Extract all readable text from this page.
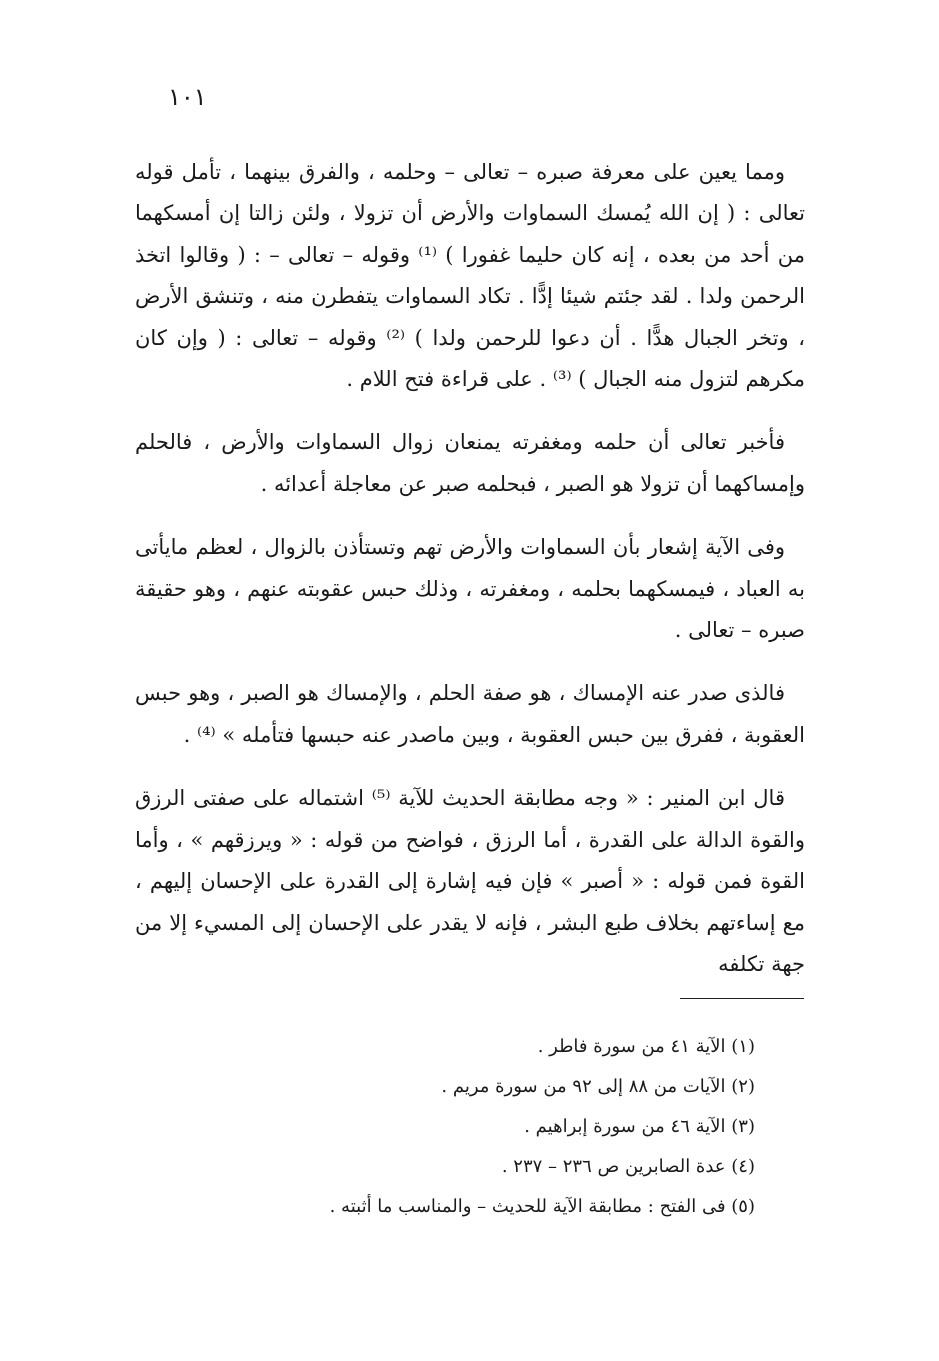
١٠١

ومما يعين على معرفة صبره – تعالى – وحلمه ، والفرق بينهما ، تأمل قوله تعالى : ( إن الله يُمسك السماوات والأرض أن تزولا ، ولئن زالتا إن أمسكهما من أحد من بعده ، إنه كان حليما غفورا ) ⁽¹⁾ وقوله – تعالى – : ( وقالوا اتخذ الرحمن ولدا . لقد جئتم شيئا إدًّا . تكاد السماوات يتفطرن منه ، وتنشق الأرض ، وتخر الجبال هدًّا . أن دعوا للرحمن ولدا ) ⁽²⁾ وقوله – تعالى : ( وإن كان مكرهم لتزول منه الجبال ) ⁽³⁾ . على قراءة فتح اللام .

فأخبر تعالى أن حلمه ومغفرته يمنعان زوال السماوات والأرض ، فالحلم وإمساكهما أن تزولا هو الصبر ، فبحلمه صبر عن معاجلة أعدائه .

وفى الآية إشعار بأن السماوات والأرض تهم وتستأذن بالزوال ، لعظم مايأتى به العباد ، فيمسكهما بحلمه ، ومغفرته ، وذلك حبس عقوبته عنهم ، وهو حقيقة صبره – تعالى .

فالذى صدر عنه الإمساك ، هو صفة الحلم ، والإمساك هو الصبر ، وهو حبس العقوبة ، ففرق بين حبس العقوبة ، وبين ماصدر عنه حبسها فتأمله » ⁽⁴⁾ .

قال ابن المنير : « وجه مطابقة الحديث للآية ⁽⁵⁾ اشتماله على صفتى الرزق والقوة الدالة على القدرة ، أما الرزق ، فواضح من قوله : « ويرزقهم » ، وأما القوة فمن قوله : « أصبر » فإن فيه إشارة إلى القدرة على الإحسان إليهم ، مع إساءتهم بخلاف طبع البشر ، فإنه لا يقدر على الإحسان إلى المسيء إلا من جهة تكلفه

(١) الآية ٤١ من سورة فاطر .
(٢) الآيات من ٨٨ إلى ٩٢ من سورة مريم .
(٣) الآية ٤٦ من سورة إبراهيم .
(٤) عدة الصابرين ص ٢٣٦ – ٢٣٧ .
(٥) فى الفتح : مطابقة الآية للحديث – والمناسب ما أثبته .
